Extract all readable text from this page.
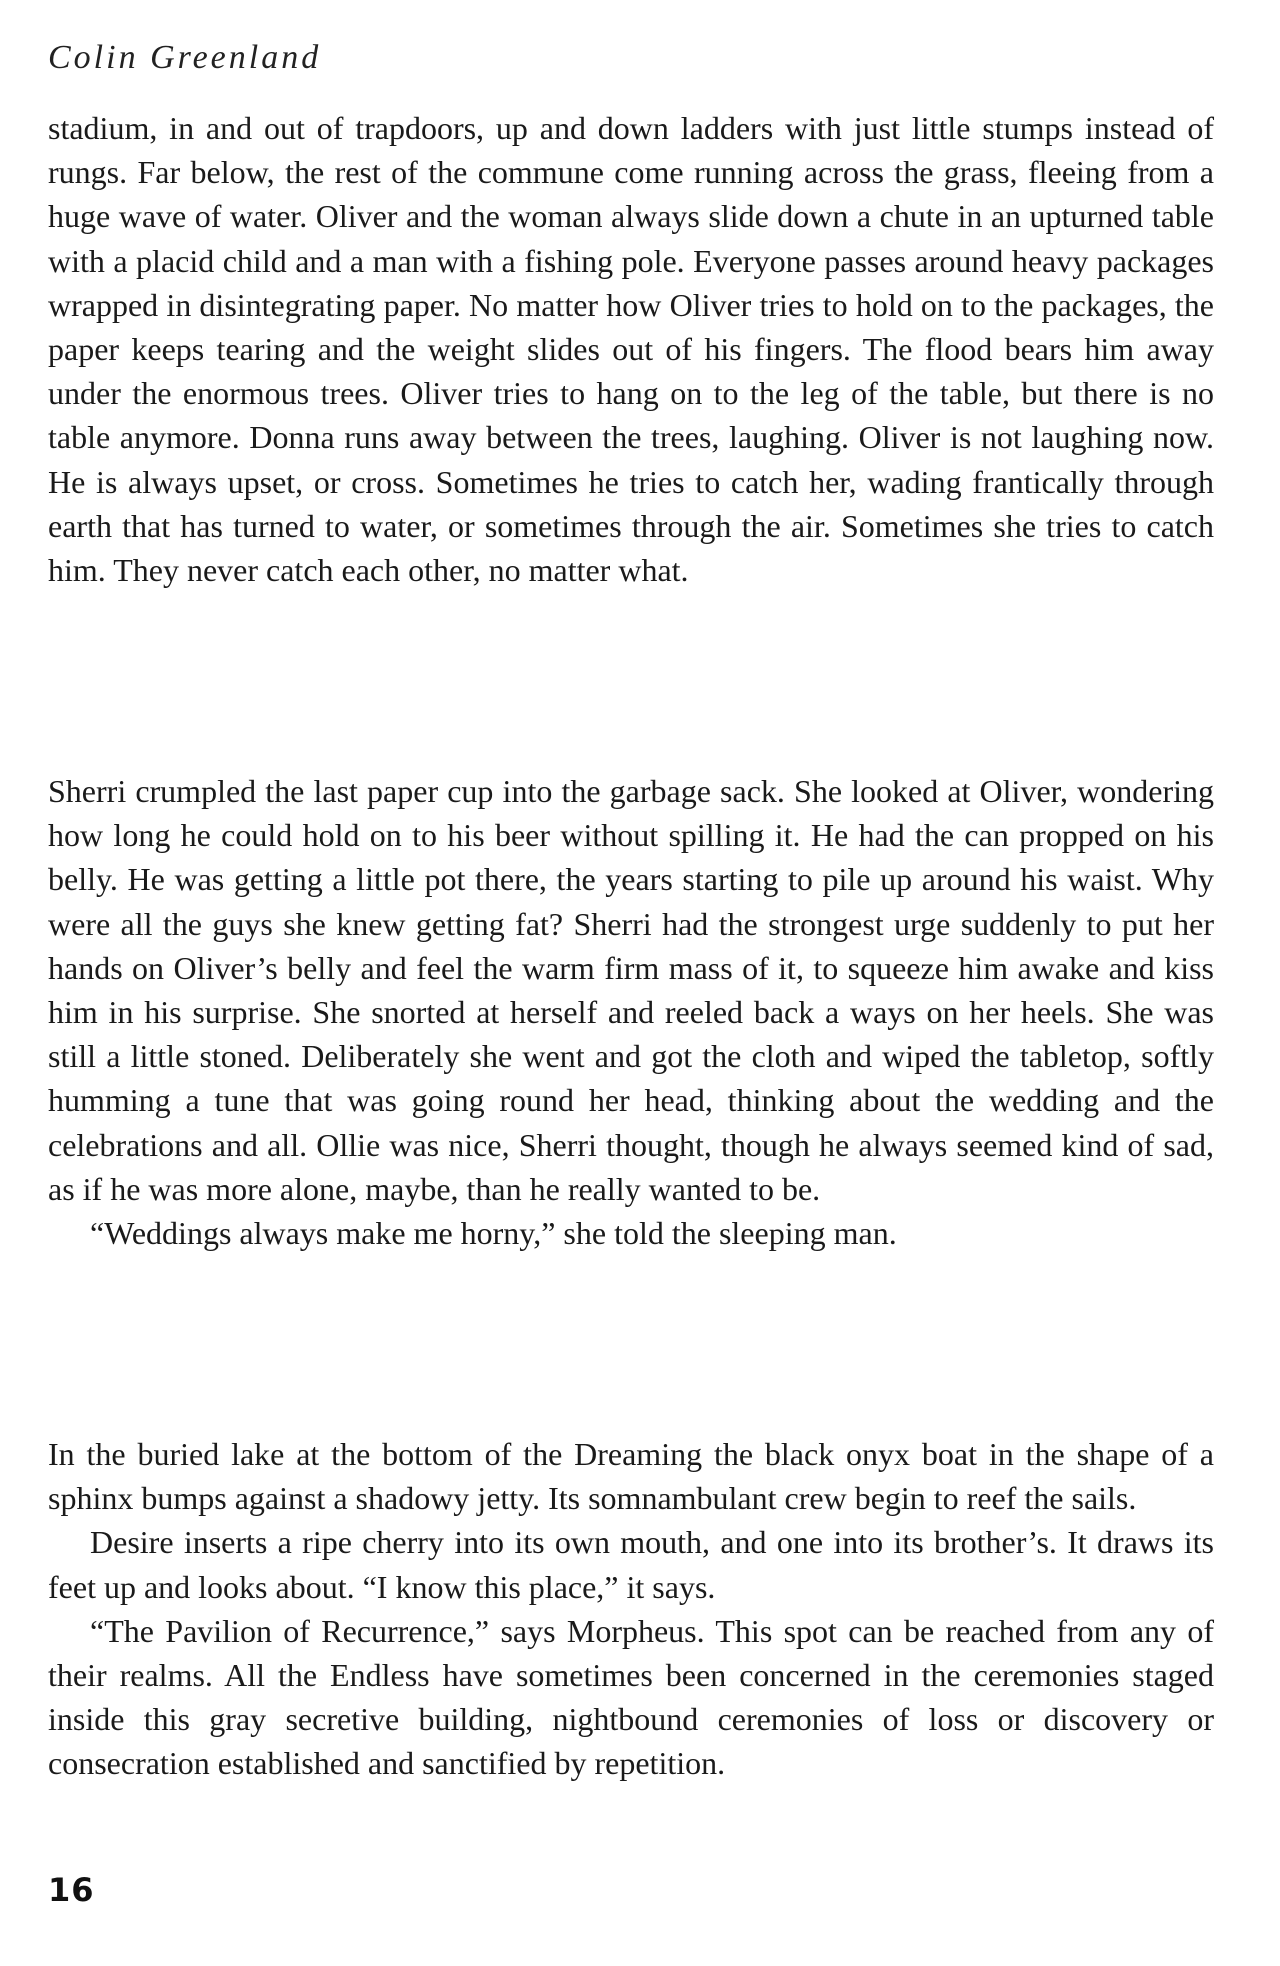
Colin Greenland

stadium, in and out of trapdoors, up and down ladders with just little stumps instead of rungs. Far below, the rest of the commune come running across the grass, fleeing from a huge wave of water. Oliver and the woman always slide down a chute in an upturned table with a placid child and a man with a fishing pole. Everyone passes around heavy packages wrapped in disintegrating paper. No matter how Oliver tries to hold on to the packages, the paper keeps tearing and the weight slides out of his fingers. The flood bears him away under the enormous trees. Oliver tries to hang on to the leg of the table, but there is no table anymore. Donna runs away between the trees, laughing. Oliver is not laughing now. He is always upset, or cross. Sometimes he tries to catch her, wading frantically through earth that has turned to water, or sometimes through the air. Sometimes she tries to catch him. They never catch each other, no matter what.

Sherri crumpled the last paper cup into the garbage sack. She looked at Oliver, wondering how long he could hold on to his beer without spilling it. He had the can propped on his belly. He was getting a little pot there, the years starting to pile up around his waist. Why were all the guys she knew getting fat? Sherri had the strongest urge suddenly to put her hands on Oliver’s belly and feel the warm firm mass of it, to squeeze him awake and kiss him in his surprise. She snorted at herself and reeled back a ways on her heels. She was still a little stoned. Deliberately she went and got the cloth and wiped the tabletop, softly humming a tune that was going round her head, thinking about the wedding and the celebrations and all. Ollie was nice, Sherri thought, though he always seemed kind of sad, as if he was more alone, maybe, than he really wanted to be.

“Weddings always make me horny,” she told the sleeping man.

In the buried lake at the bottom of the Dreaming the black onyx boat in the shape of a sphinx bumps against a shadowy jetty. Its somnambulant crew begin to reef the sails.

Desire inserts a ripe cherry into its own mouth, and one into its brother’s. It draws its feet up and looks about. “I know this place,” it says.

“The Pavilion of Recurrence,” says Morpheus. This spot can be reached from any of their realms. All the Endless have sometimes been concerned in the ceremonies staged inside this gray secretive building, nightbound ceremonies of loss or discovery or consecration established and sanctified by repetition.

16
